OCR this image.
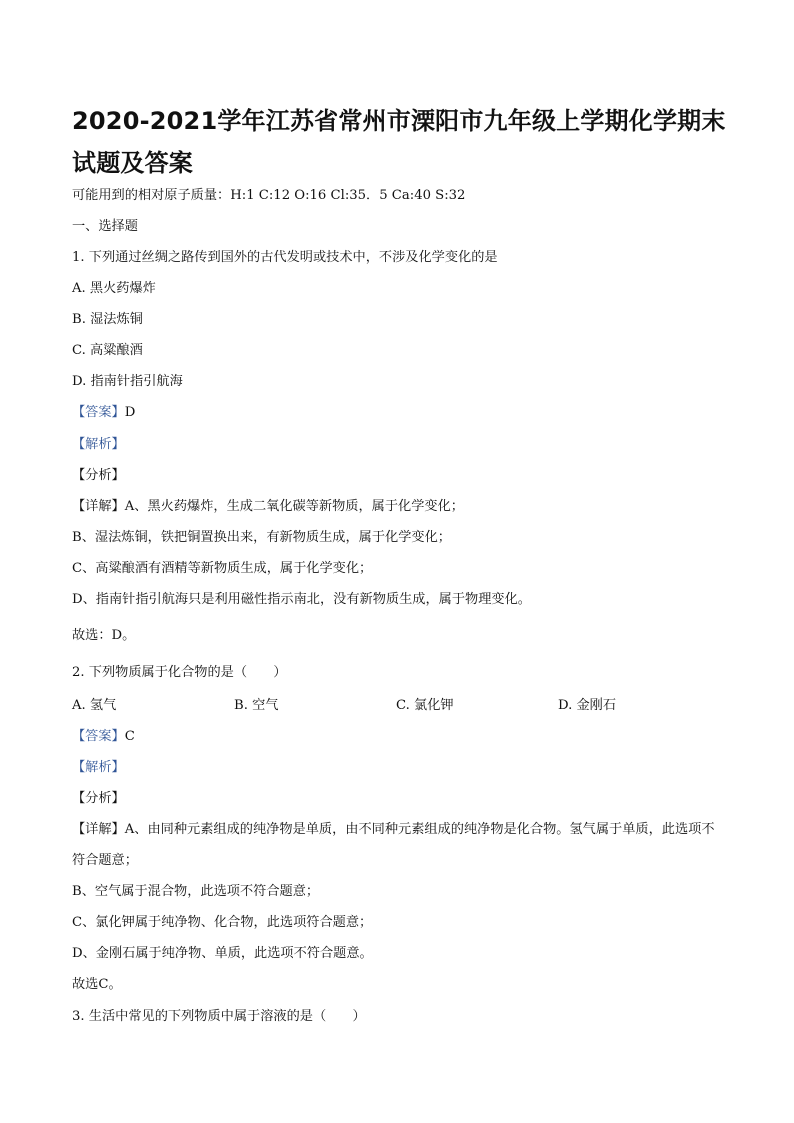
2020-2021学年江苏省常州市溧阳市九年级上学期化学期末试题及答案
可能用到的相对原子质量：H:1 C:12 O:16 Cl:35．5 Ca:40 S:32
一、选择题
1. 下列通过丝绸之路传到国外的古代发明或技术中，不涉及化学变化的是
A. 黑火药爆炸
B. 湿法炼铜
C. 高粱酿酒
D. 指南针指引航海
【答案】D
【解析】
【分析】
【详解】A、黑火药爆炸，生成二氧化碳等新物质，属于化学变化；
B、湿法炼铜，铁把铜置换出来，有新物质生成，属于化学变化；
C、高粱酿酒有酒精等新物质生成，属于化学变化；
D、指南针指引航海只是利用磁性指示南北，没有新物质生成，属于物理变化。
故选：D。
2. 下列物质属于化合物的是（　　）
A. 氢气	B. 空气	C. 氯化钾	D. 金刚石
【答案】C
【解析】
【分析】
【详解】A、由同种元素组成的纯净物是单质，由不同种元素组成的纯净物是化合物。氢气属于单质，此选项不符合题意；
B、空气属于混合物，此选项不符合题意；
C、氯化钾属于纯净物、化合物，此选项符合题意；
D、金刚石属于纯净物、单质，此选项不符合题意。
故选C。
3. 生活中常见的下列物质中属于溶液的是（　　）
